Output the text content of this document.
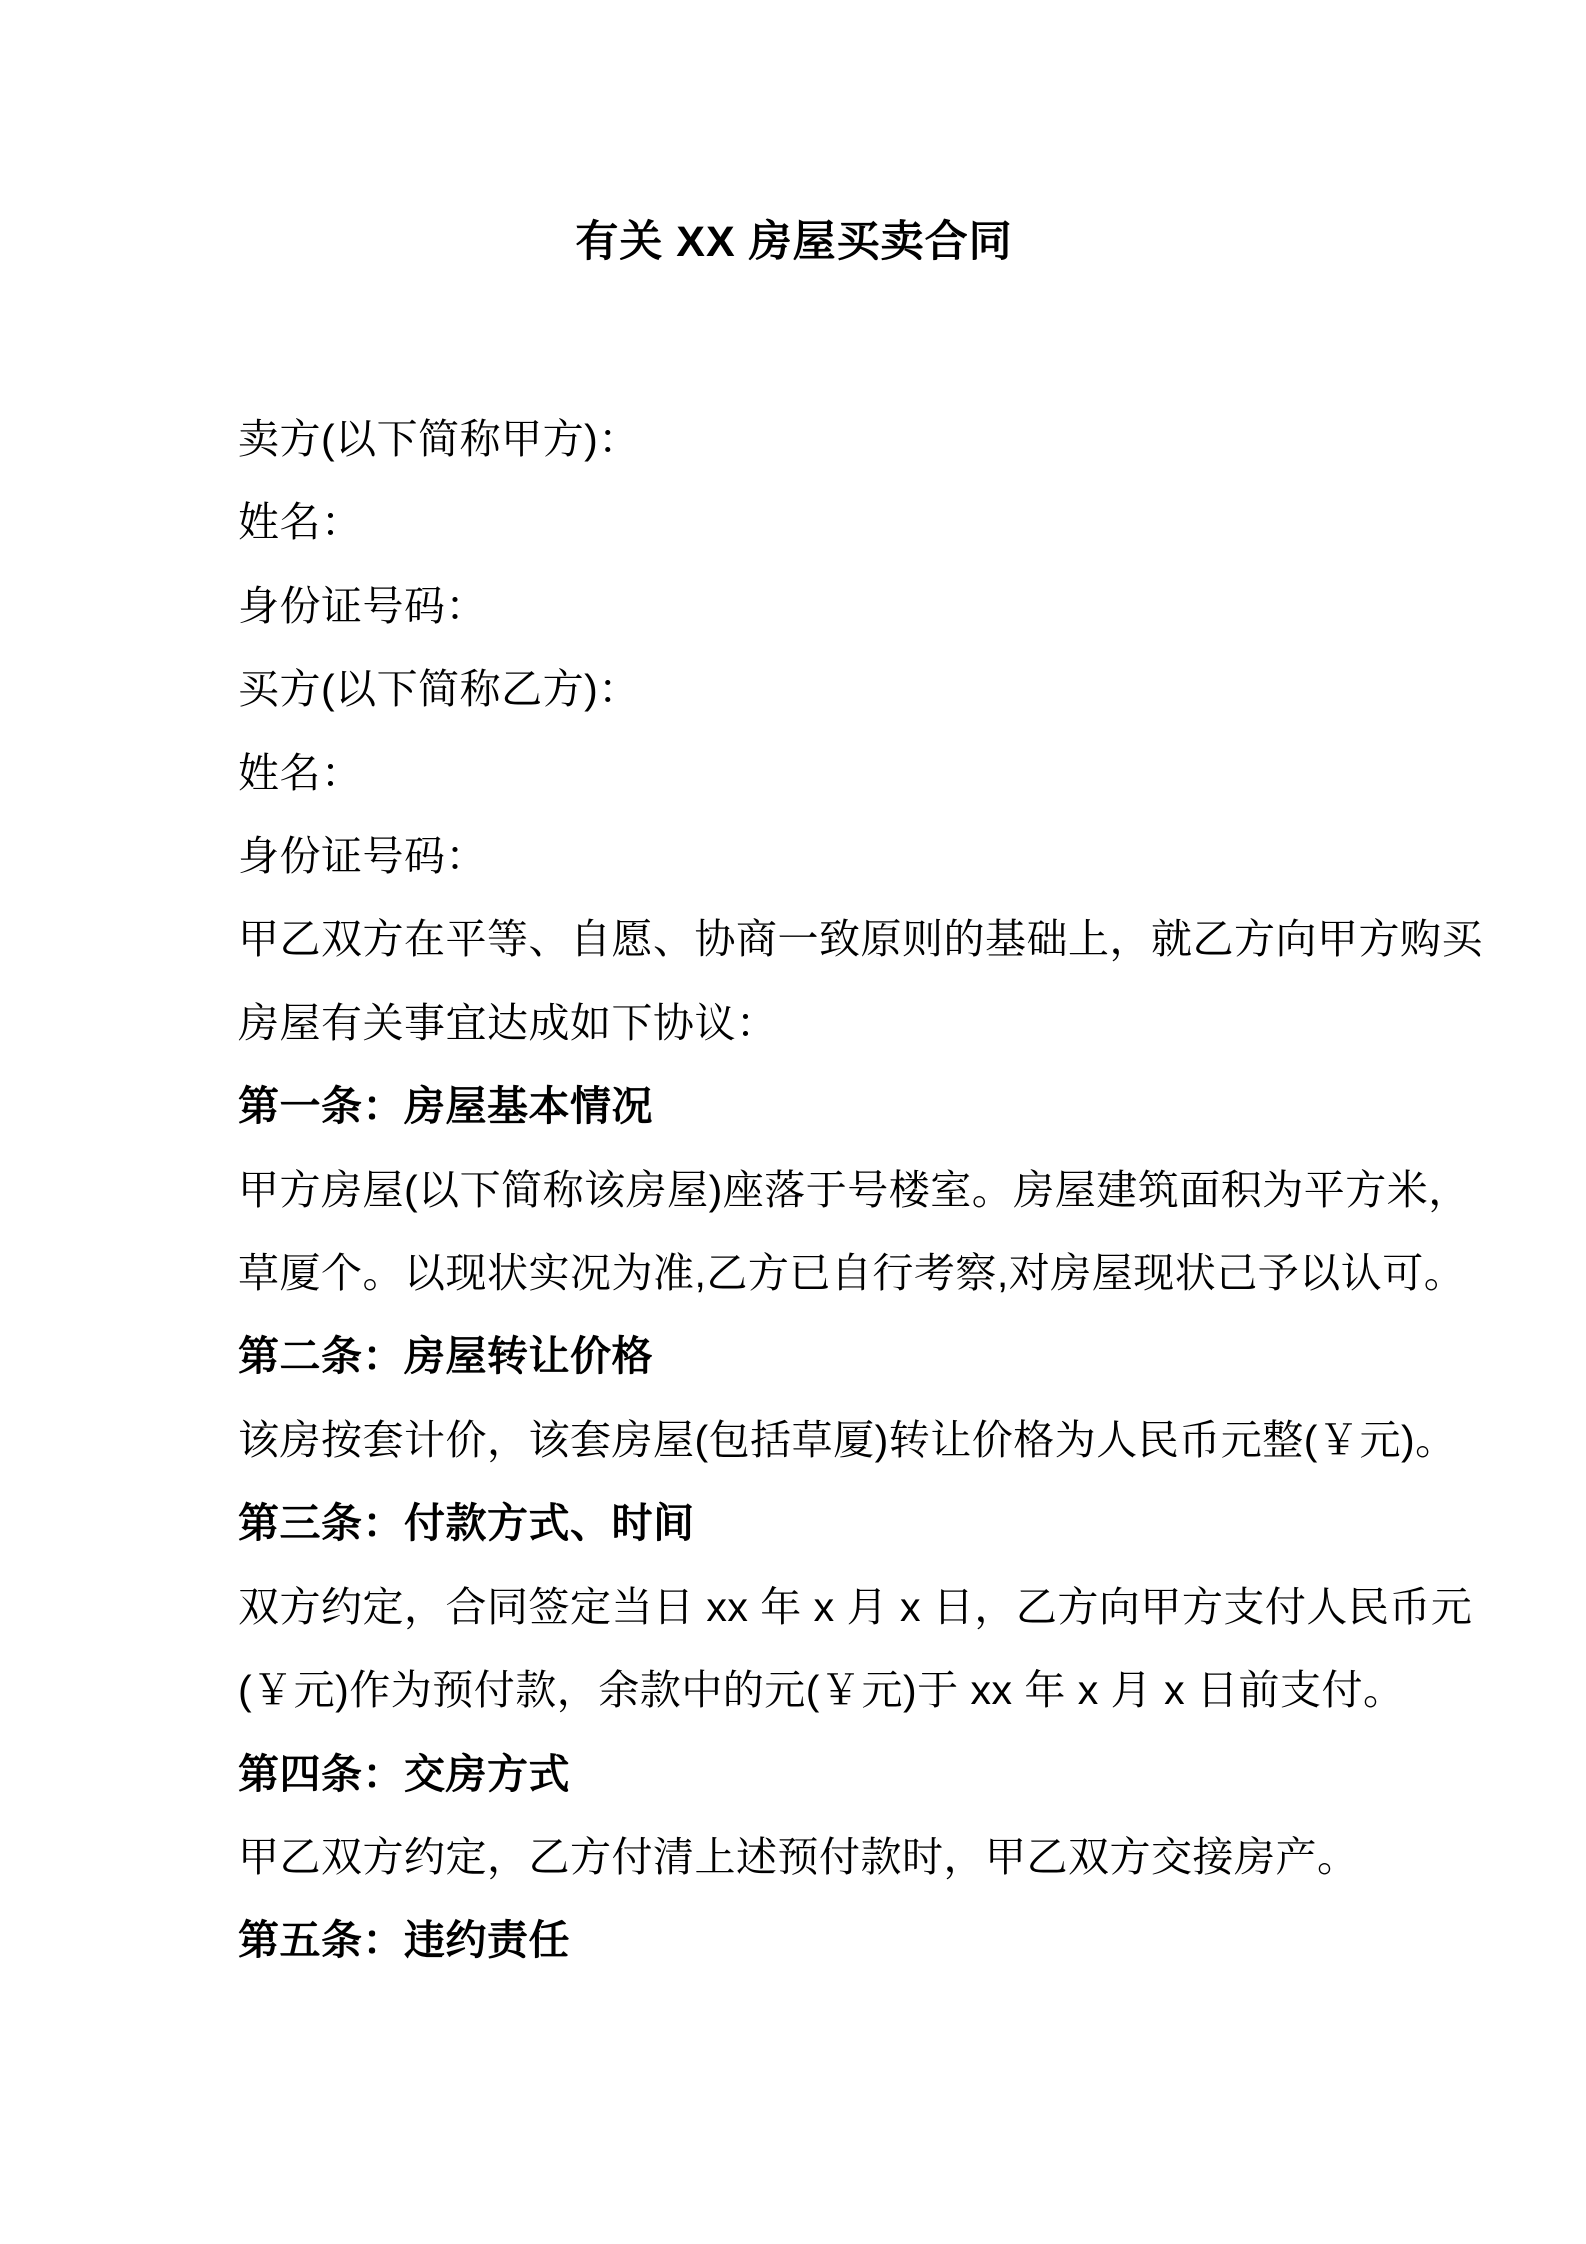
有关 XX 房屋买卖合同

卖方(以下简称甲方)：

姓名：

身份证号码：

买方(以下简称乙方)：

姓名：

身份证号码：

甲乙双方在平等、自愿、协商一致原则的基础上，就乙方向甲方购买

房屋有关事宜达成如下协议：

第一条：房屋基本情况

甲方房屋(以下简称该房屋)座落于号楼室。房屋建筑面积为平方米，

草厦个。以现状实况为准,乙方已自行考察,对房屋现状己予以认可。

第二条：房屋转让价格

该房按套计价，该套房屋(包括草厦)转让价格为人民币元整(￥元)。

第三条：付款方式、时间

双方约定，合同签定当日 xx 年 x 月 x 日，乙方向甲方支付人民币元

(￥元)作为预付款，余款中的元(￥元)于 xx 年 x 月 x 日前支付。

第四条：交房方式

甲乙双方约定，乙方付清上述预付款时，甲乙双方交接房产。

第五条：违约责任
